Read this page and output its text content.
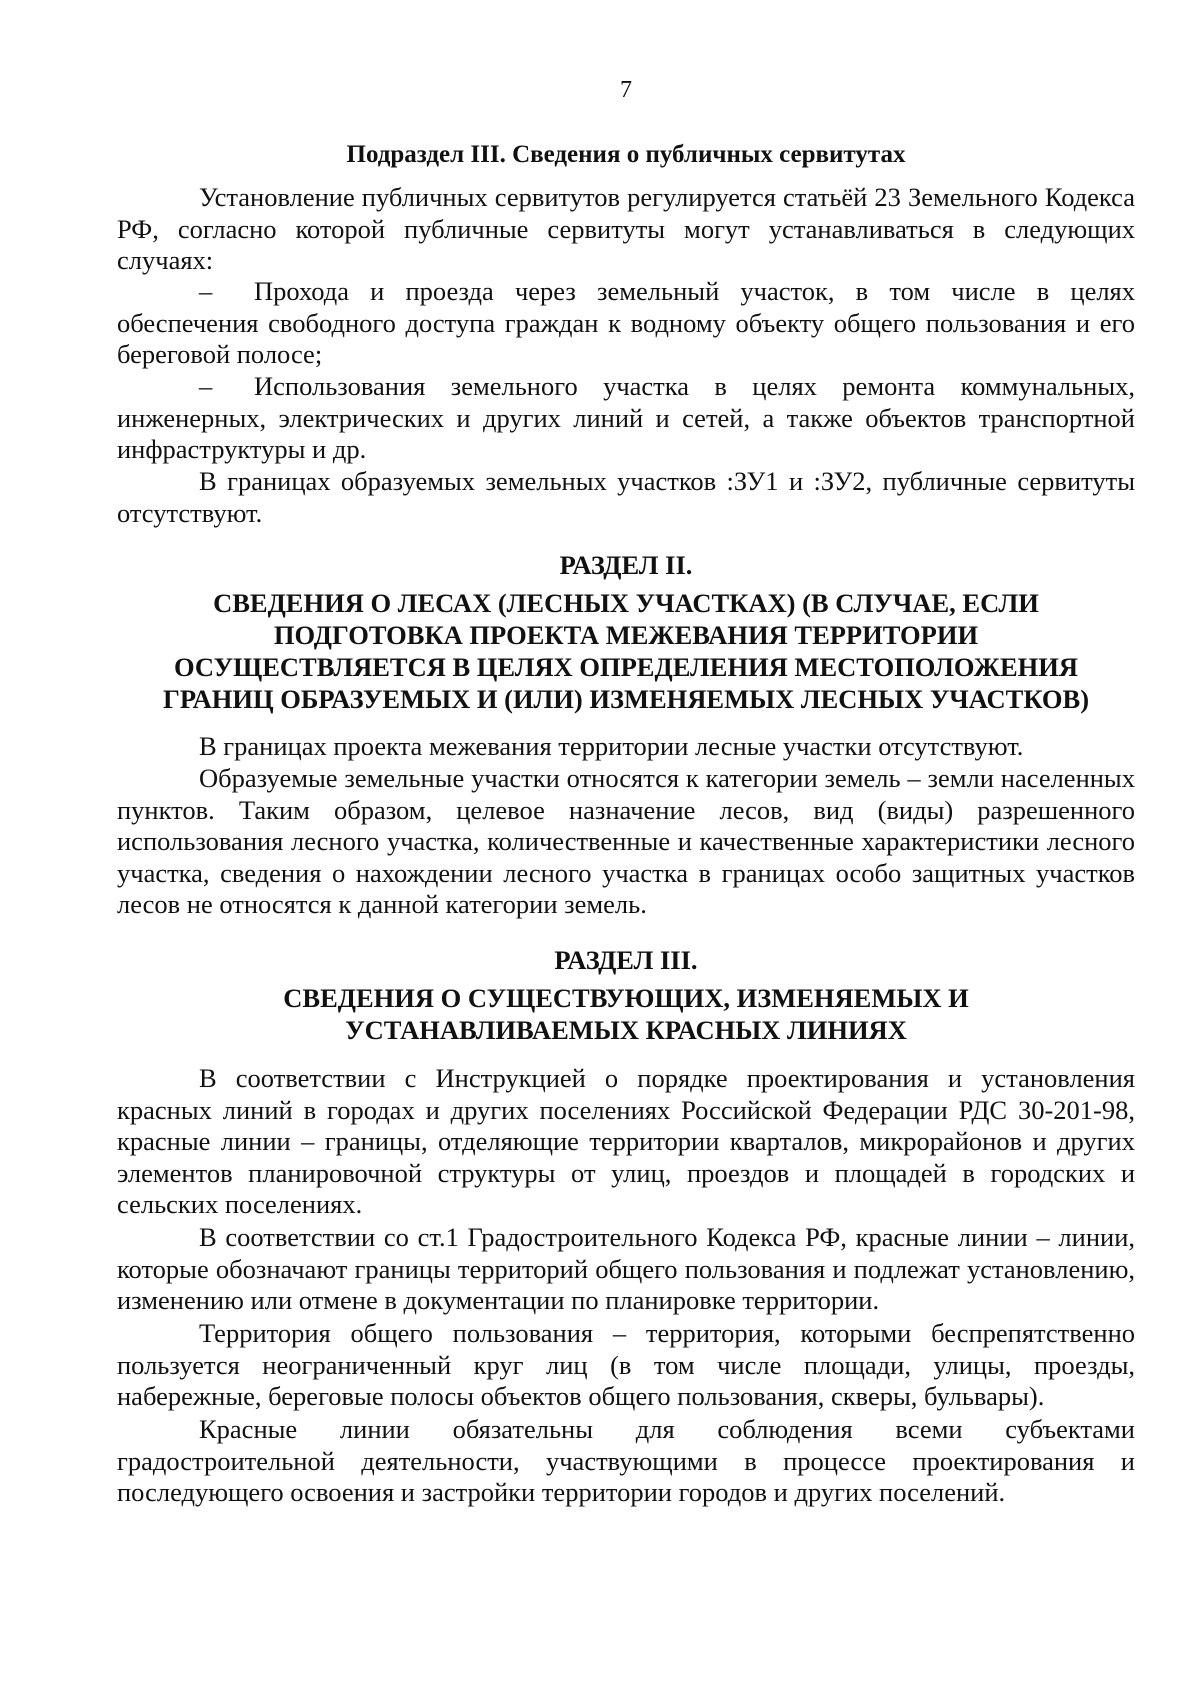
7
Подраздел III. Сведения о публичных сервитутах

Установление публичных сервитутов регулируется статьёй 23 Земельного Кодекса РФ, согласно которой публичные сервитуты могут устанавливаться в следующих случаях:

– Прохода и проезда через земельный участок, в том числе в целях обеспечения свободного доступа граждан к водному объекту общего пользования и его береговой полосе;

– Использования земельного участка в целях ремонта коммунальных, инженерных, электрических и других линий и сетей, а также объектов транспортной инфраструктуры и др.

В границах образуемых земельных участков :ЗУ1 и :ЗУ2, публичные сервитуты отсутствуют.

РАЗДЕЛ II.
СВЕДЕНИЯ О ЛЕСАХ (ЛЕСНЫХ УЧАСТКАХ) (В СЛУЧАЕ, ЕСЛИ
ПОДГОТОВКА ПРОЕКТА МЕЖЕВАНИЯ ТЕРРИТОРИИ
ОСУЩЕСТВЛЯЕТСЯ В ЦЕЛЯХ ОПРЕДЕЛЕНИЯ МЕСТОПОЛОЖЕНИЯ
ГРАНИЦ ОБРАЗУЕМЫХ И (ИЛИ) ИЗМЕНЯЕМЫХ ЛЕСНЫХ УЧАСТКОВ)

В границах проекта межевания территории лесные участки отсутствуют.

Образуемые земельные участки относятся к категории земель – земли населенных пунктов. Таким образом, целевое назначение лесов, вид (виды) разрешенного использования лесного участка, количественные и качественные характеристики лесного участка, сведения о нахождении лесного участка в границах особо защитных участков лесов не относятся к данной категории земель.

РАЗДЕЛ III.
СВЕДЕНИЯ О СУЩЕСТВУЮЩИХ, ИЗМЕНЯЕМЫХ И
УСТАНАВЛИВАЕМЫХ КРАСНЫХ ЛИНИЯХ

В соответствии с Инструкцией о порядке проектирования и установления красных линий в городах и других поселениях Российской Федерации РДС 30-201-98, красные линии – границы, отделяющие территории кварталов, микрорайонов и других элементов планировочной структуры от улиц, проездов и площадей в городских и сельских поселениях.

В соответствии со ст.1 Градостроительного Кодекса РФ, красные линии – линии, которые обозначают границы территорий общего пользования и подлежат установлению, изменению или отмене в документации по планировке территории.

Территория общего пользования – территория, которыми беспрепятственно пользуется неограниченный круг лиц (в том числе площади, улицы, проезды, набережные, береговые полосы объектов общего пользования, скверы, бульвары).

Красные линии обязательны для соблюдения всеми субъектами градостроительной деятельности, участвующими в процессе проектирования и последующего освоения и застройки территории городов и других поселений.
